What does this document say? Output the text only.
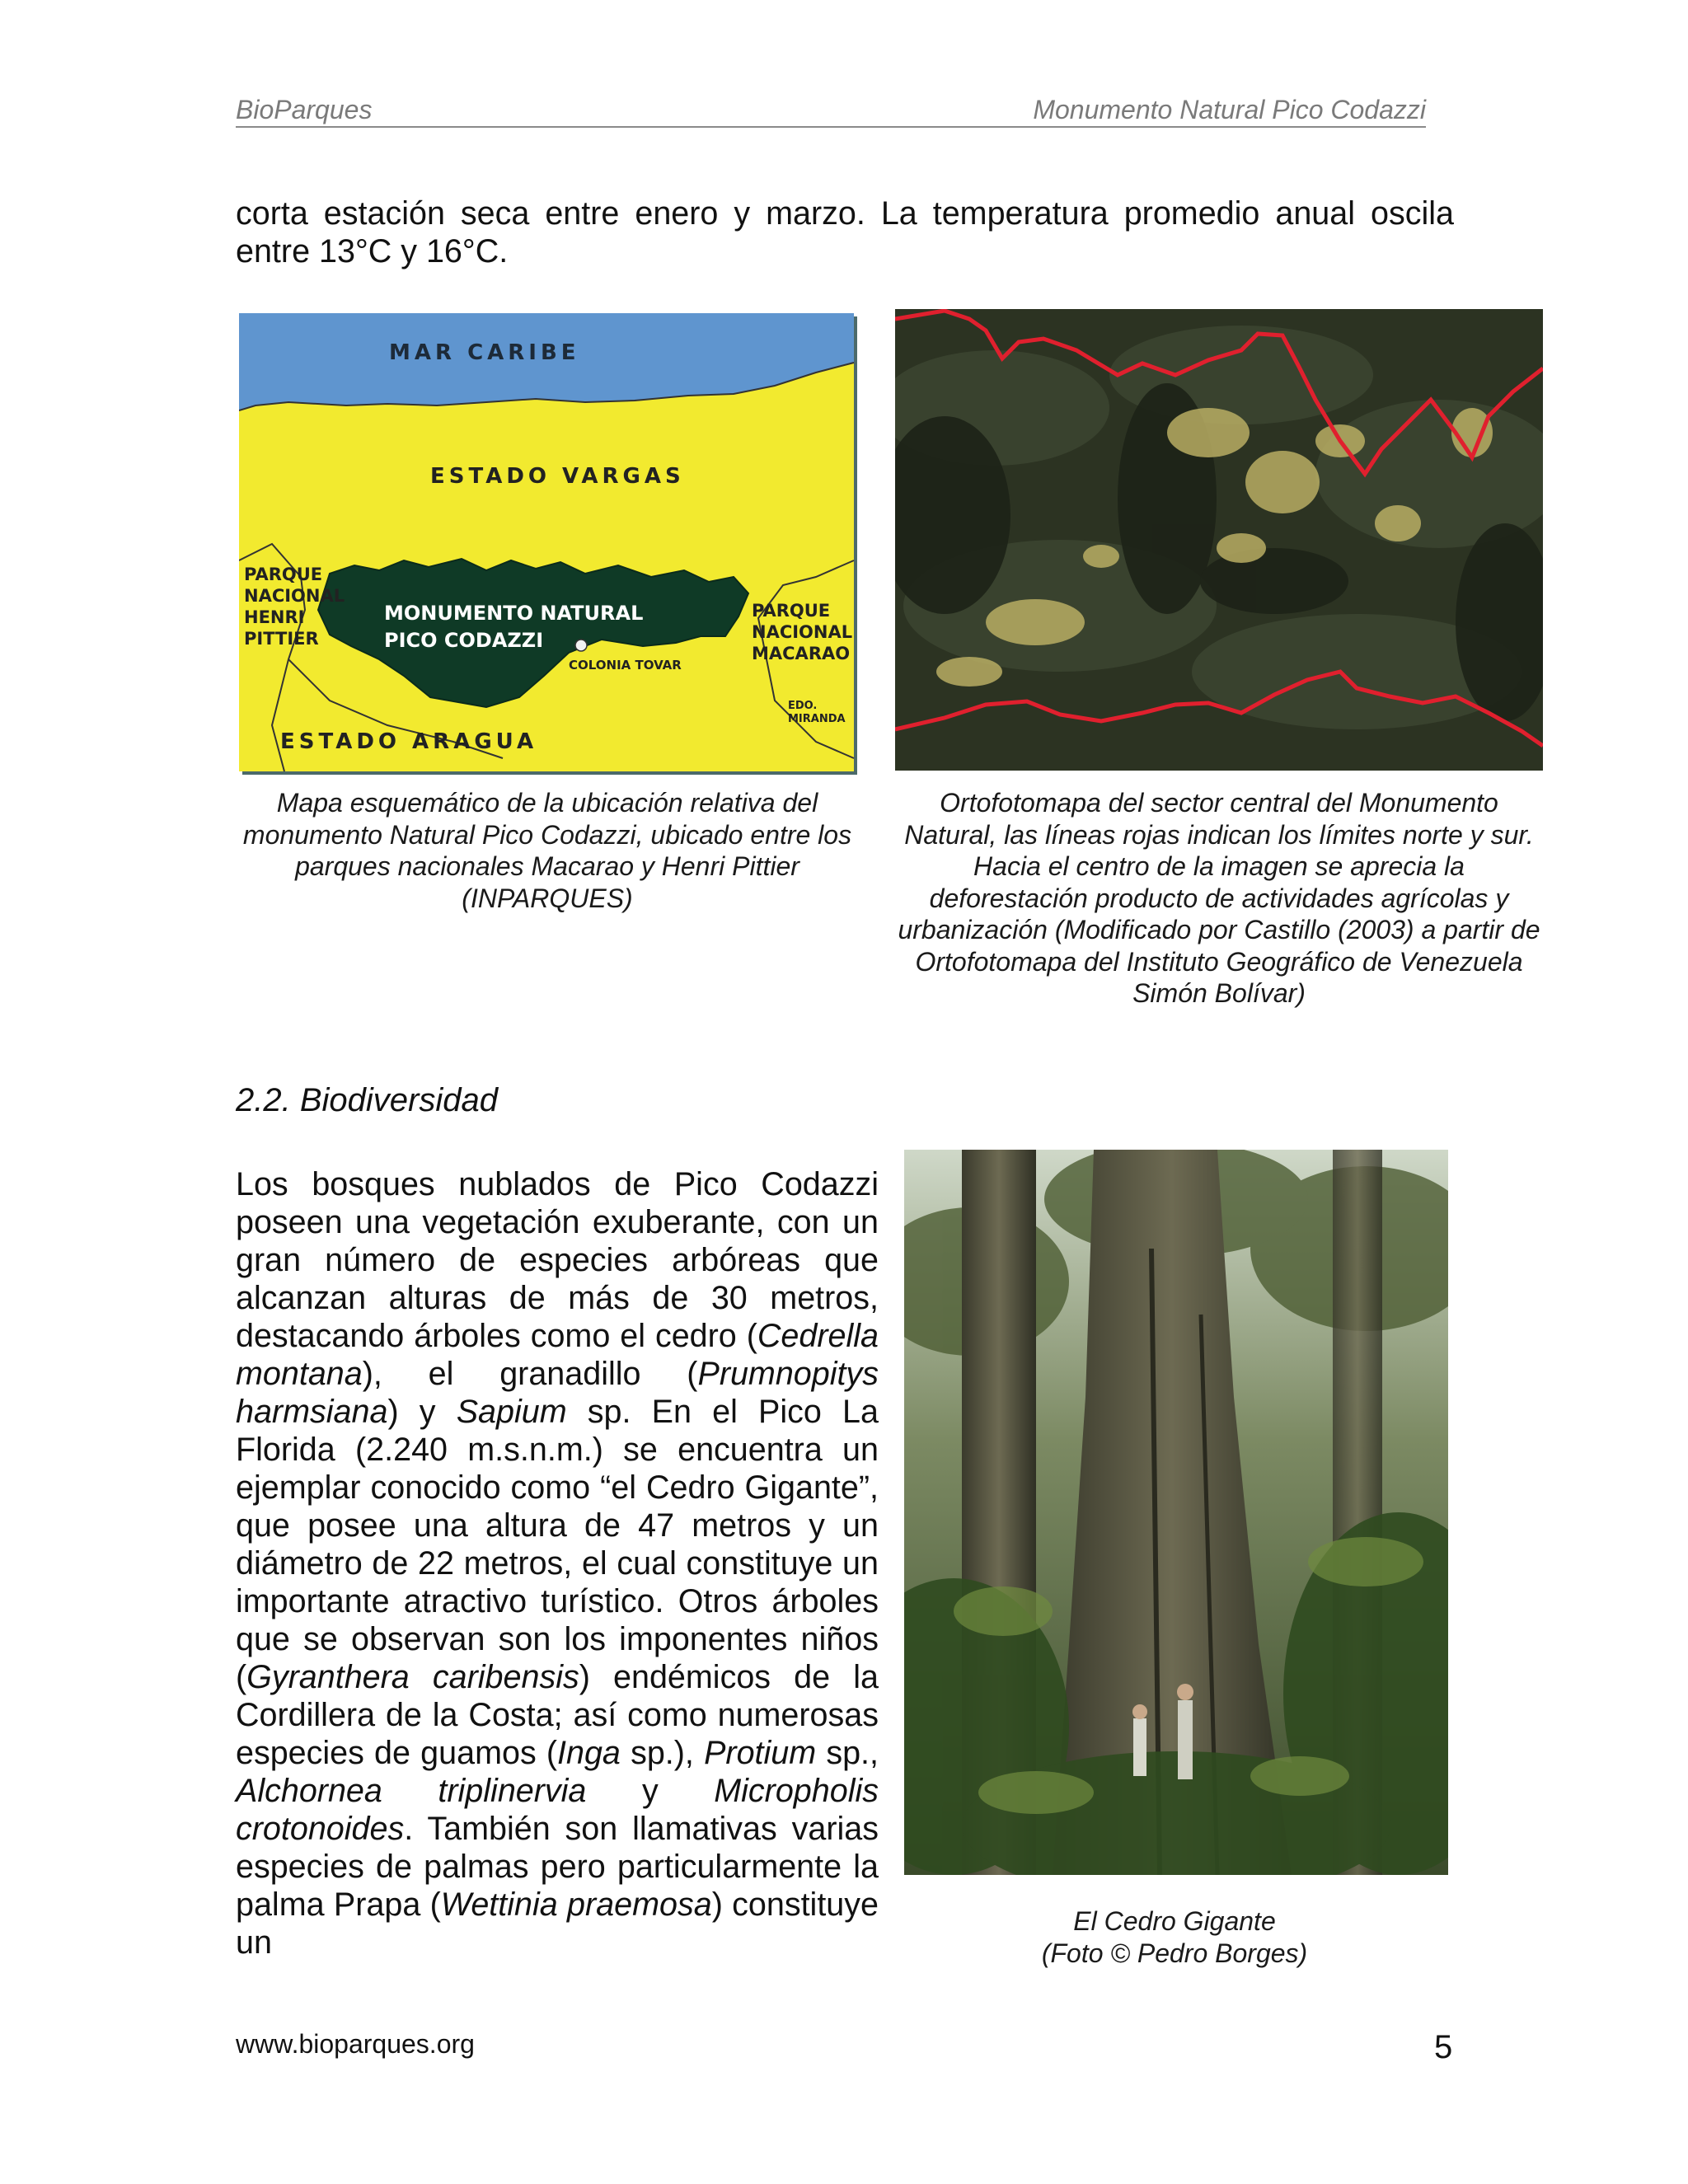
BioParques	Monumento Natural Pico Codazzi

corta estación seca entre enero y marzo. La temperatura promedio anual oscila entre 13°C y 16°C.

MAR CARIBE
ESTADO VARGAS
PARQUE
NACIONAL
HENRI
PITTIER
MONUMENTO NATURAL
PICO CODAZZI
COLONIA TOVAR
PARQUE
NACIONAL
MACARAO
EDO.
MIRANDA
ESTADO ARAGUA

Mapa esquemático de la ubicación relativa del monumento Natural Pico Codazzi, ubicado entre los parques nacionales Macarao y Henri Pittier (INPARQUES)

Ortofotomapa del sector central del Monumento Natural, las líneas rojas indican los límites norte y sur. Hacia el centro de la imagen se aprecia la deforestación producto de actividades agrícolas y urbanización (Modificado por Castillo (2003) a partir de Ortofotomapa del Instituto Geográfico de Venezuela Simón Bolívar)

2.2. Biodiversidad

Los bosques nublados de Pico Codazzi poseen una vegetación exuberante, con un gran número de especies arbóreas que alcanzan alturas de más de 30 metros, destacando árboles como el cedro (Cedrella montana), el granadillo (Prumnopitys harmsiana) y Sapium sp. En el Pico La Florida (2.240 m.s.n.m.) se encuentra un ejemplar conocido como “el Cedro Gigante”, que posee una altura de 47 metros y un diámetro de 22 metros, el cual constituye un importante atractivo turístico. Otros árboles que se observan son los imponentes niños (Gyranthera caribensis) endémicos de la Cordillera de la Costa; así como numerosas especies de guamos (Inga sp.), Protium sp., Alchornea triplinervia y Micropholis crotonoides. También son llamativas varias especies de palmas pero particularmente la palma Prapa (Wettinia praemosa) constituye un

El Cedro Gigante
(Foto © Pedro Borges)
www.bioparques.org	5
